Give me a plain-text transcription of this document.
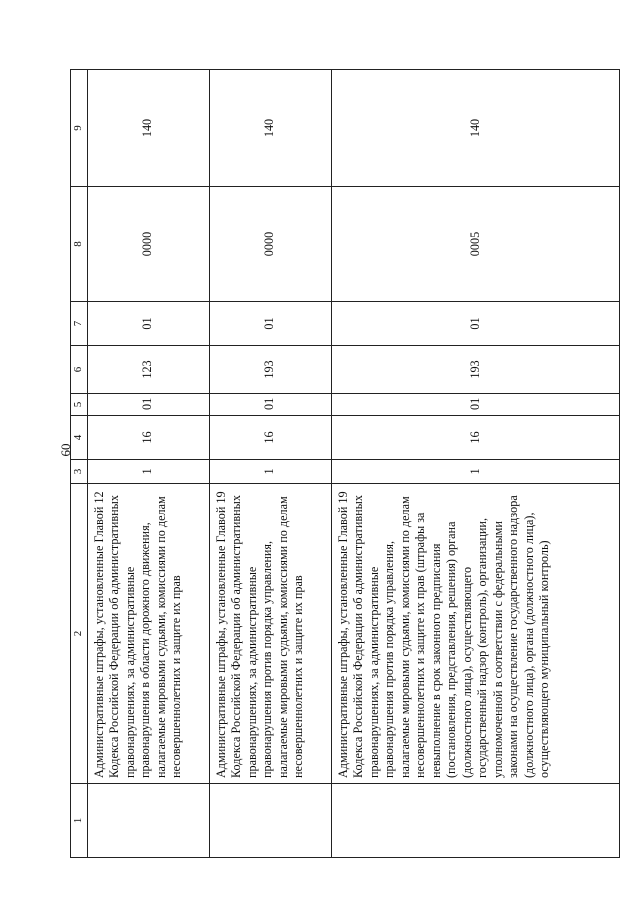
60
1	2	3	4	5	6	7	8	9
	Административные штрафы, установленные Главой 12 Кодекса Российской Федерации об административных правонарушениях, за административные правонарушения в области дорожного движения, налагаемые мировыми судьями, комиссиями по делам несовершеннолетних и защите их прав	1	16	01	123	01	0000	140
	Административные штрафы, установленные Главой 19 Кодекса Российской Федерации об административных правонарушениях, за административные правонарушения против порядка управления, налагаемые мировыми судьями, комиссиями по делам несовершеннолетних и защите их прав	1	16	01	193	01	0000	140
	Административные штрафы, установленные Главой 19 Кодекса Российской Федерации об административных правонарушениях, за административные правонарушения против порядка управления, налагаемые мировыми судьями, комиссиями по делам несовершеннолетних и защите их прав (штрафы за невыполнение в срок законного предписания (постановления, представления, решения) органа (должностного лица), осуществляющего государственный надзор (контроль), организации, уполномоченной в соответствии с федеральными законами на осуществление государственного надзора (должностного лица), органа (должностного лица), осуществляющего муниципальный контроль)	1	16	01	193	01	0005	140
